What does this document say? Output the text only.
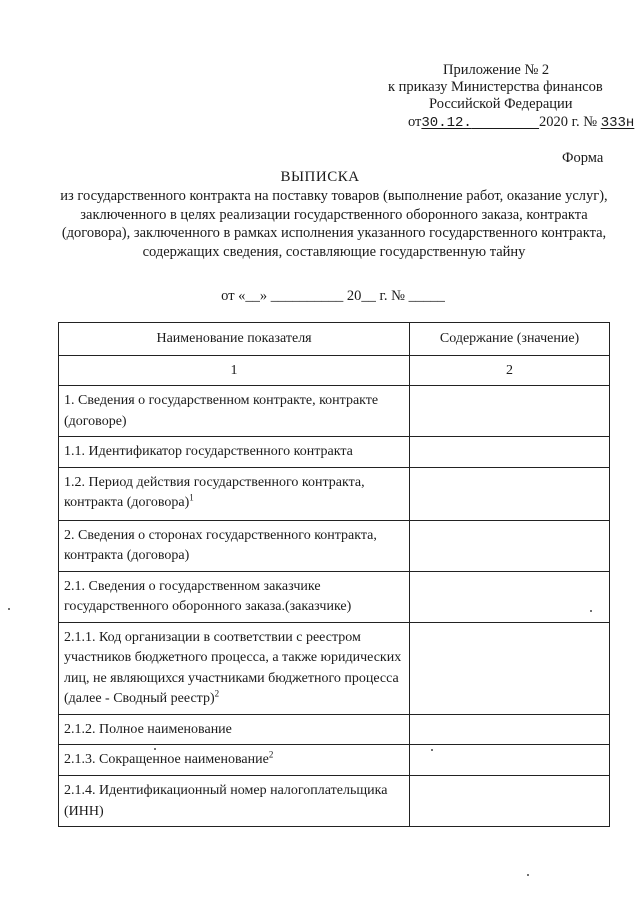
Приложение № 2
к приказу Министерства финансов
Российской Федерации
от30.12.	2020 г. № 333н
Форма
ВЫПИСКА
из государственного контракта на поставку товаров (выполнение работ, оказание услуг), заключенного в целях реализации государственного оборонного заказа, контракта (договора), заключенного в рамках исполнения указанного государственного контракта, содержащих сведения, составляющие государственную тайну
от «__» __________ 20__ г. № _____
Наименование показателя	Содержание (значение)
1	2

1. Сведения о государственном контракте, контракте (договоре)	

1.1. Идентификатор государственного контракта	

1.2. Период действия государственного контракта, контракта (договора)$^1$

2. Сведения о сторонах государственного контракта, контракта (договора)	

2.1. Сведения о государственном заказчике государственного оборонного заказа.(заказчике)	

2.1.1. Код организации в соответствии с реестром участников бюджетного процесса, а также юридических лиц, не являющихся участниками бюджетного процесса (далее - Сводный реестр)$^2$

2.1.2. Полное наименование	

2.1.3. Сокращенное наименование$^2$

2.1.4. Идентификационный номер налогоплательщика (ИНН)	
